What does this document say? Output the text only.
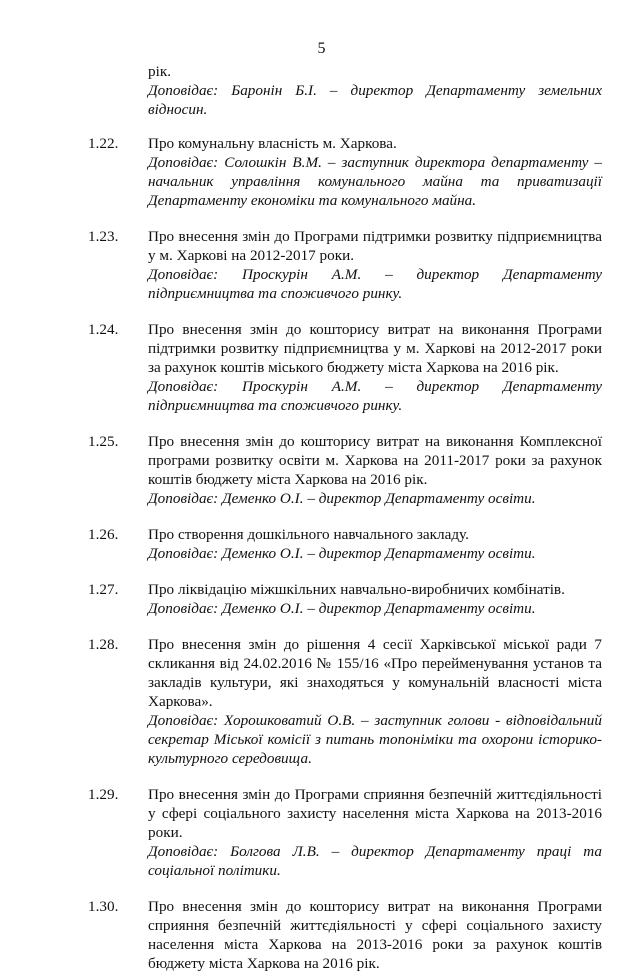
5
рік.
Доповідає: Баронін Б.І. – директор Департаменту земельних відносин.
1.22.	Про комунальну власність м. Харкова.
Доповідає: Солошкін В.М. – заступник директора департаменту – начальник управління комунального майна та приватизації Департаменту економіки та комунального майна.
1.23.	Про внесення змін до Програми підтримки розвитку підприємництва у м. Харкові на 2012-2017 роки.
Доповідає: Проскурін А.М. – директор Департаменту підприємництва та споживчого ринку.
1.24.	Про внесення змін до кошторису витрат на виконання Програми підтримки розвитку підприємництва у м. Харкові на 2012-2017 роки за рахунок коштів міського бюджету міста Харкова на 2016 рік.
Доповідає: Проскурін А.М. – директор Департаменту підприємництва та споживчого ринку.
1.25.	Про внесення змін до кошторису витрат на виконання Комплексної програми розвитку освіти м. Харкова на 2011-2017 роки за рахунок коштів бюджету міста Харкова на 2016 рік.
Доповідає: Деменко О.І. – директор Департаменту освіти.
1.26.	Про створення дошкільного навчального закладу.
Доповідає: Деменко О.І. – директор Департаменту освіти.
1.27.	Про ліквідацію міжшкільних навчально-виробничих комбінатів.
Доповідає: Деменко О.І. – директор Департаменту освіти.
1.28.	Про внесення змін до рішення 4 сесії Харківської міської ради 7 скликання від 24.02.2016 № 155/16 «Про перейменування установ та закладів культури, які знаходяться у комунальній власності міста Харкова».
Доповідає: Хорошковатий О.В. – заступник голови - відповідальний секретар Міської комісії з питань топоніміки та охорони історико-культурного середовища.
1.29.	Про внесення змін до Програми сприяння безпечній життєдіяльності у сфері соціального захисту населення міста Харкова на 2013-2016 роки.
Доповідає: Болгова Л.В. – директор Департаменту праці та соціальної політики.
1.30.	Про внесення змін до кошторису витрат на виконання Програми сприяння безпечній життєдіяльності у сфері соціального захисту населення міста Харкова на 2013-2016 роки за рахунок коштів бюджету міста Харкова на 2016 рік.
